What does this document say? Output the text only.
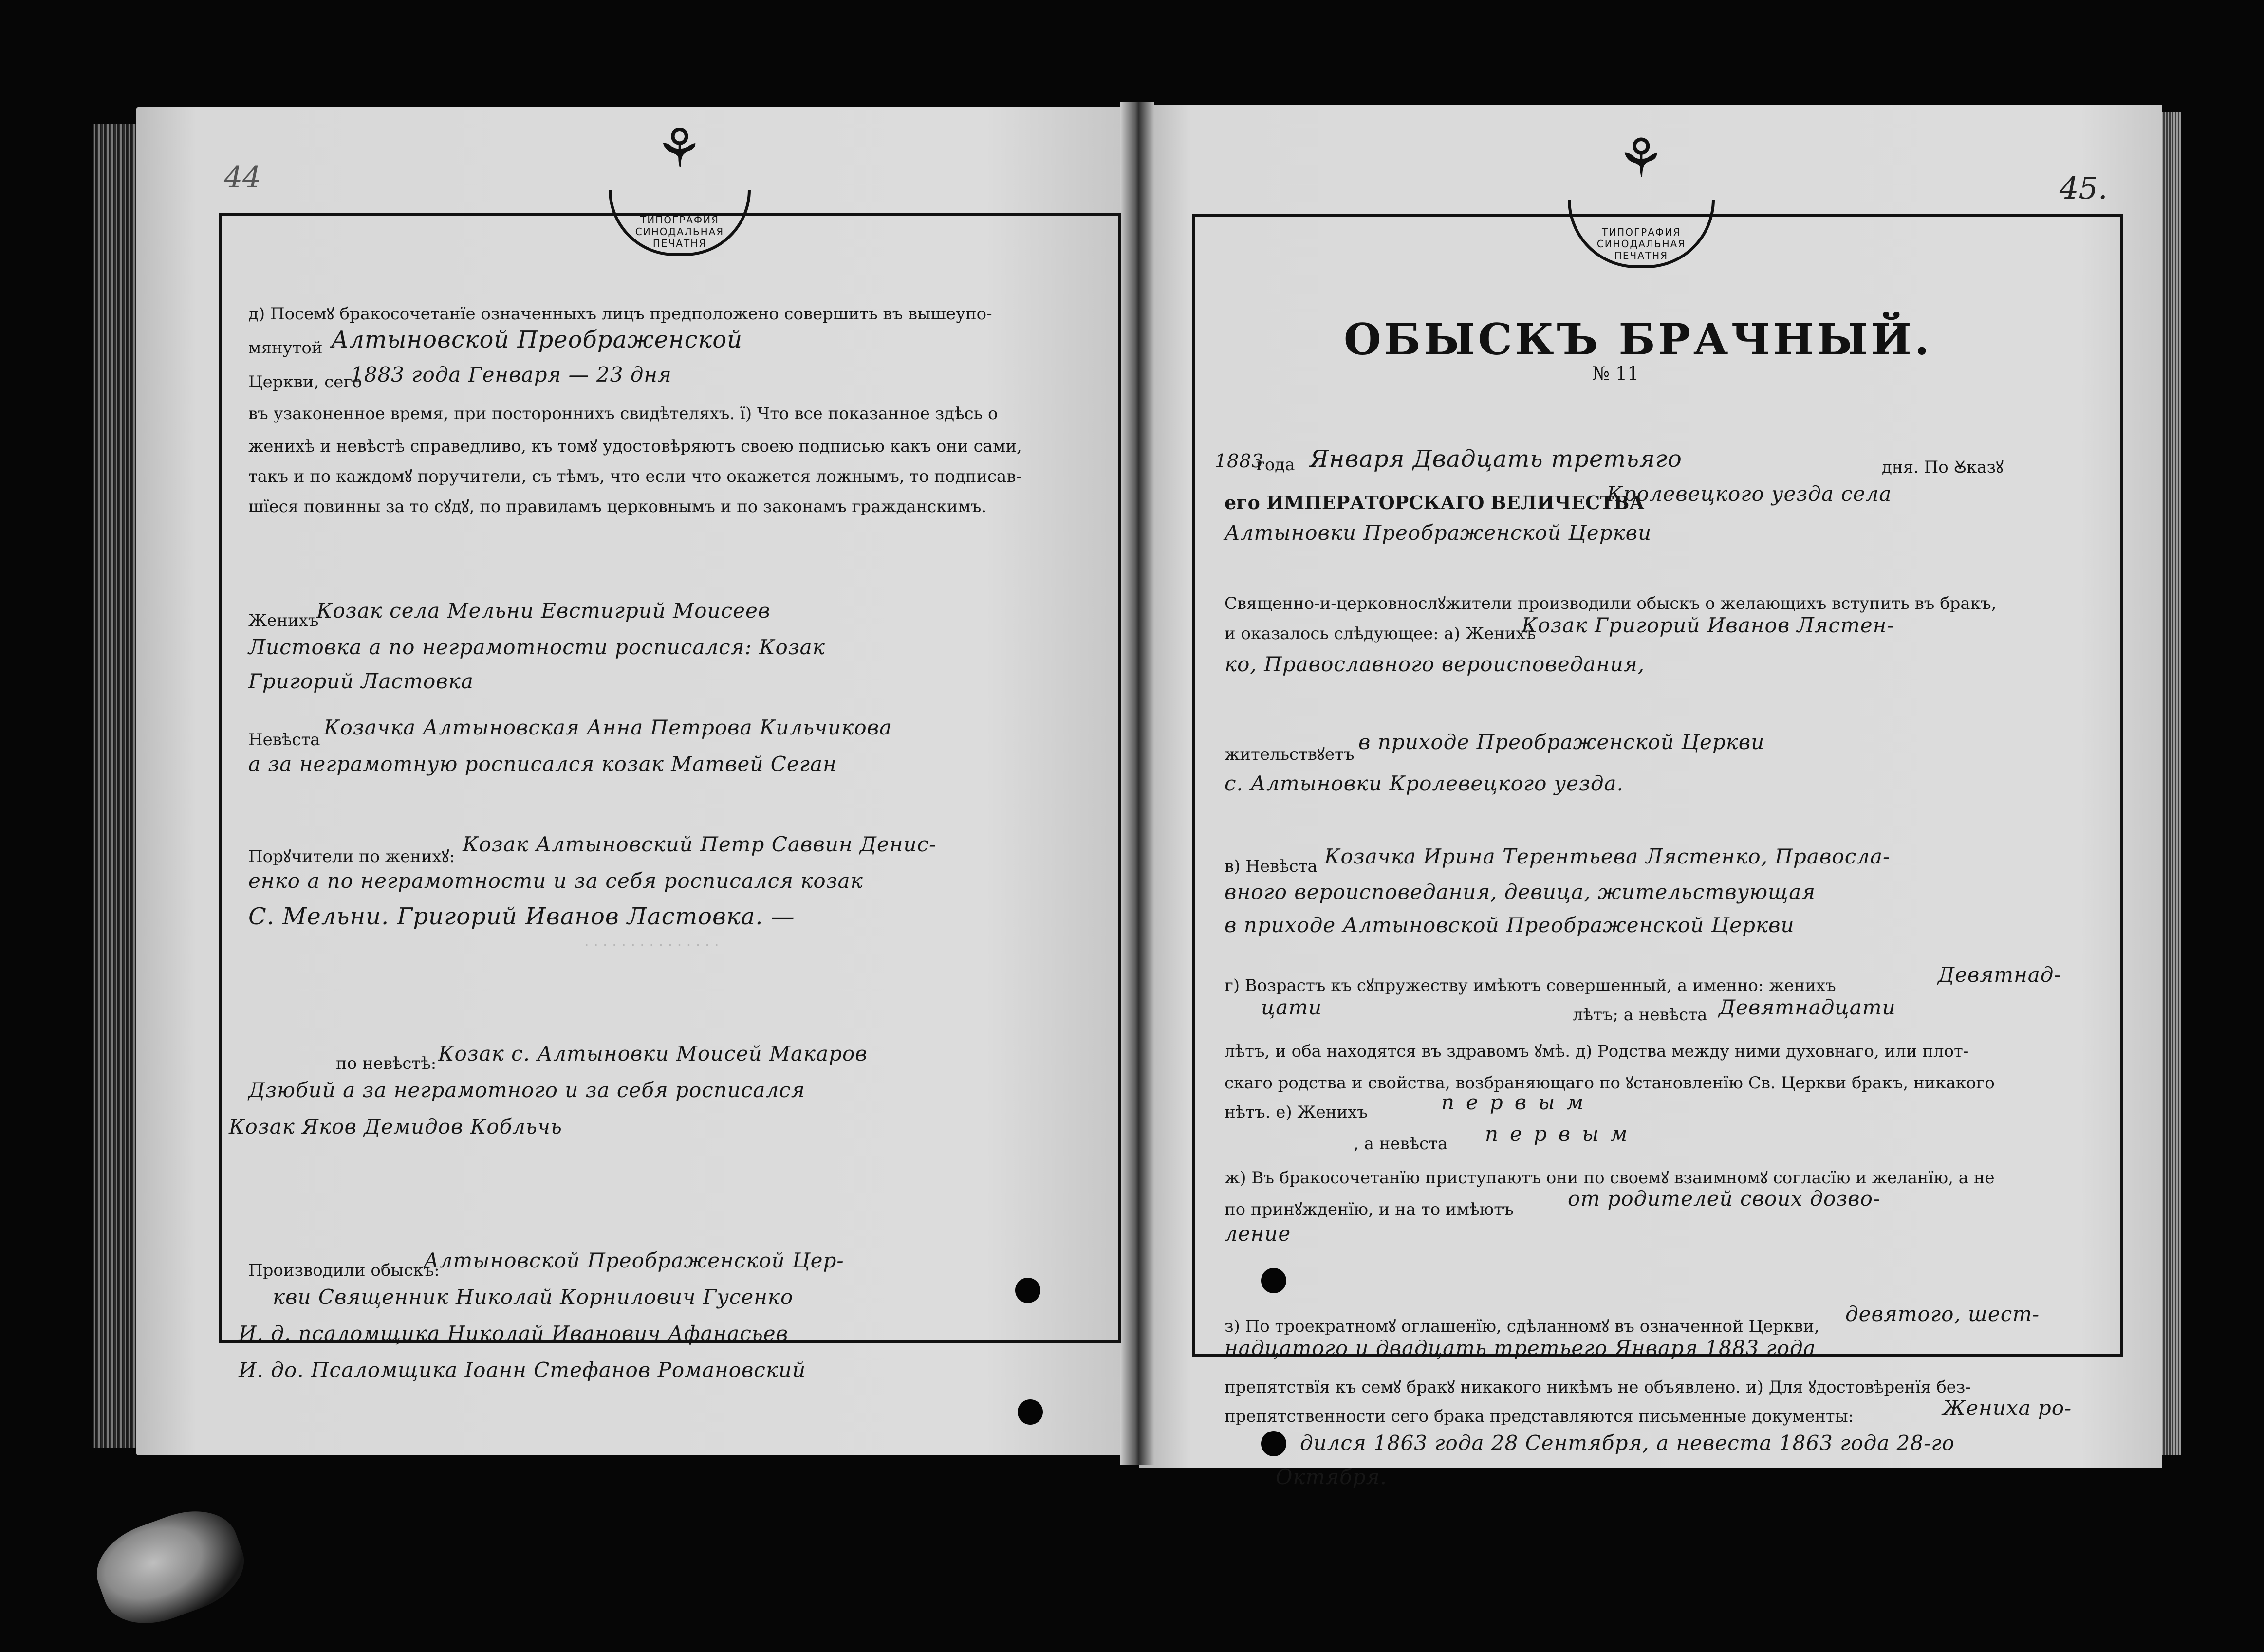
44	⚘
ТИПОГРАФИЯ СИНОДАЛЬНАЯ ПЕЧАТНЯ
д) Посемꙋ бракосочетанїе означенныхъ лицъ предположено совершить въ вышеупо-
мянутой Алтыновской Преображенской
Церкви, сего
1883 года Генваря — 23 дня
въ узаконенное время, при постороннихъ свидѣтеляхъ. ї) Что все показанное здѣсь о
женихѣ и невѣстѣ справедливо, къ томꙋ удостовѣряютъ своею подписью какъ они сами,
такъ и по каждомꙋ поручители, съ тѣмъ, что если что окажется ложнымъ, то подписав-
шїеся повинны за то сꙋдꙋ, по правиламъ церковнымъ и по законамъ гражданскимъ.
Женихъ
Козак села Мельни Евстигрий Моисеев
Листовка а по неграмотности росписался: Козак
Григорий Ластовка
Невѣста
Козачка Алтыновская Анна Петрова Кильчикова
а за неграмотную росписался козак Матвей Сеган
Порꙋчители по женихꙋ:
Козак Алтыновский Петр Саввин Денис-
енко а по неграмотности и за себя росписался козак
С. Мельни. Григорий Иванов Ластовка. —
· · · · · · · · · · · · · · ·
по невѣстѣ: Козак с. Алтыновки Моисей Макаров
Дзюбий а за неграмотного и за себя росписался
Козак Яков Демидов Кобльчь
Производили обыскъ:
Алтыновской Преображенской Цер-
кви Священник Николай Корнилович Гусенко
И. д. псаломщика Николай Иванович Афанасьев
И. до. Псаломщика Іоанн Стефанов Романовский
45.
⚘
ТИПОГРАФИЯ СИНОДАЛЬНАЯ ПЕЧАТНЯ
ОБЫСКЪ БРАЧНЫЙ.
№ 11
1883
года Января Двадцать третьяго	дня. По Ꙋказꙋ
его ИМПЕРАТОРСКАГО ВЕЛИЧЕСТВА
Кролевецкого уезда села
Алтыновки Преображенской Церкви
Священно-и-церковнослꙋжители производили обыскъ о желающихъ вступить въ бракъ,
и оказалось слѣдующее: а) Женихъ
Козак Григорий Иванов Лястен-
ко, Православного вероисповедания,
жительствꙋетъ
в приходе Преображенской Церкви
с. Алтыновки Кролевецкого уезда.
в) Невѣста Козачка Ирина Терентьева Лястенко, Правосла-
вного вероисповедания, девица, жительствующая
в приходе Алтыновской Преображенской Церкви
г) Возрастъ къ сꙋпружеству имѣютъ совершенный, а именно: женихъ	Девятнад-
цати	лѣтъ; а невѣста Девятнадцати
лѣтъ, и оба находятся въ здравомъ ꙋмѣ. д) Родства между ними духовнаго, или плот-
скаго родства и свойства, возбраняющаго по ꙋстановленїю Св. Церкви бракъ, никакого
нѣтъ. е) Женихъ	первым
, а невѣста первым
ж) Въ бракосочетанїю приступаютъ они по своемꙋ взаимномꙋ согласїю и желанїю, а не
по принꙋжденїю, и на то имѣютъ	от родителей своих дозво-
ление
з) По троекратномꙋ оглашенїю, сдѣланномꙋ въ означенной Церкви,
девятого, шест-
надцатого и двадцать третьего Января 1883 года
препятствїя къ семꙋ бракꙋ никакого никѣмъ не объявлено. и) Для ꙋдостовѣренїя без-
препятственности сего брака представляются письменные документы:	Жениха ро-
дился 1863 года 28 Сентября, а невеста 1863 года 28-го
Октября.
